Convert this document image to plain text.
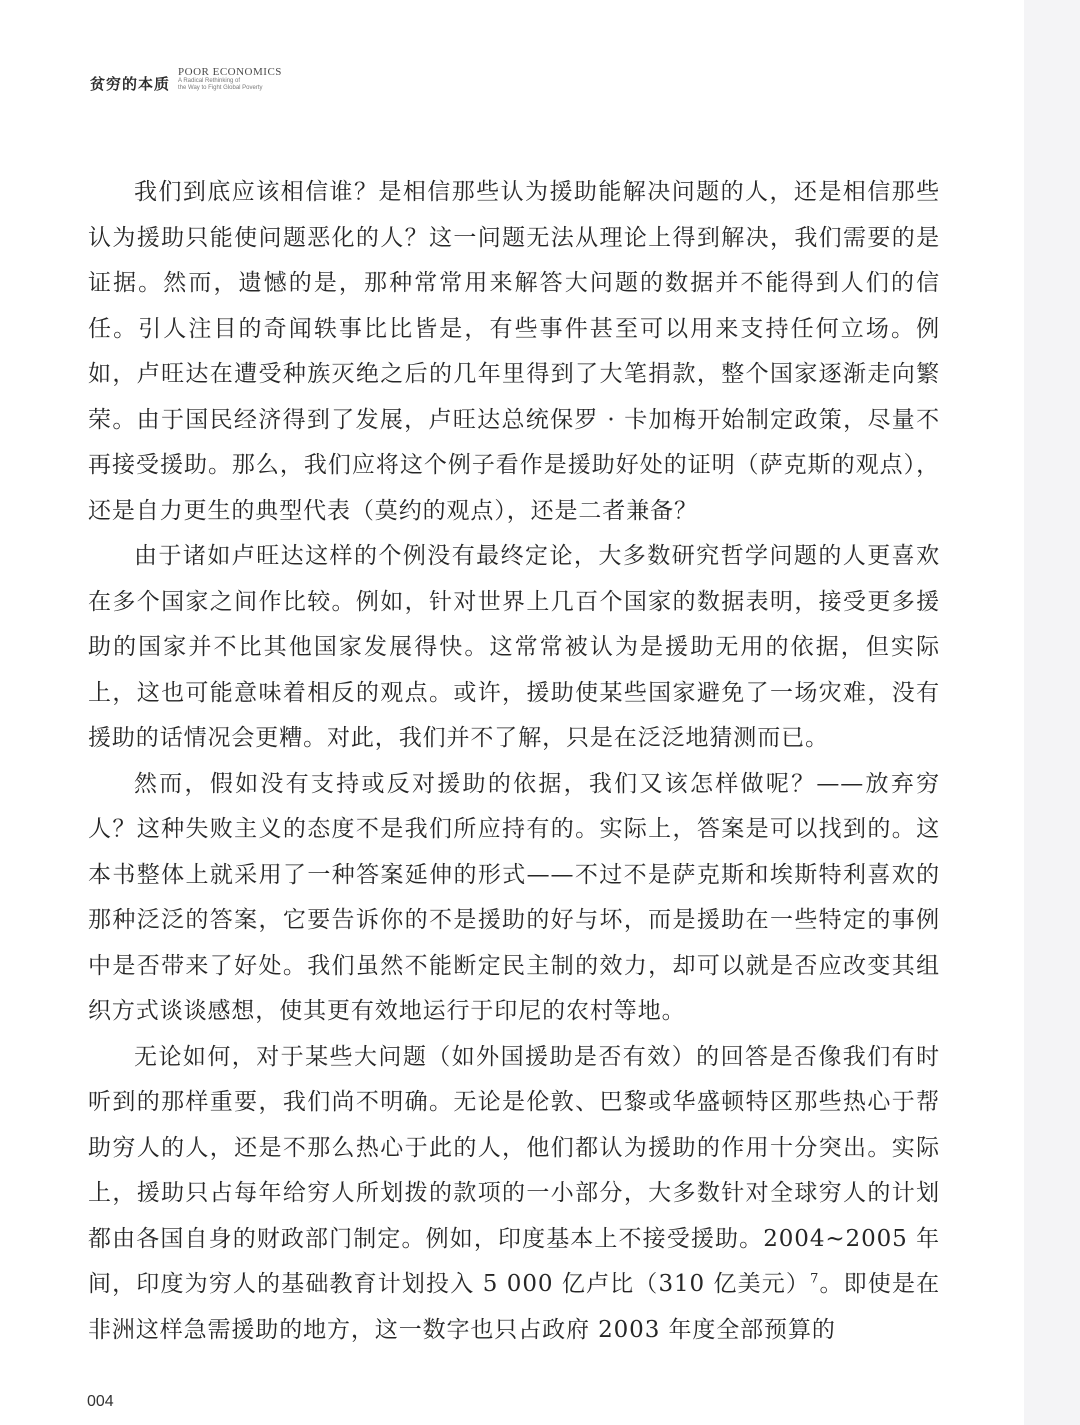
贫穷的本质
POOR ECONOMICS
A Radical Rethinking of
the Way to Fight Global Poverty

我们到底应该相信谁？是相信那些认为援助能解决问题的人，还是相信那些认为援助只能使问题恶化的人？这一问题无法从理论上得到解决，我们需要的是证据。然而，遗憾的是，那种常常用来解答大问题的数据并不能得到人们的信任。引人注目的奇闻轶事比比皆是，有些事件甚至可以用来支持任何立场。例如，卢旺达在遭受种族灭绝之后的几年里得到了大笔捐款，整个国家逐渐走向繁荣。由于国民经济得到了发展，卢旺达总统保罗 · 卡加梅开始制定政策，尽量不再接受援助。那么，我们应将这个例子看作是援助好处的证明（萨克斯的观点），还是自力更生的典型代表（莫约的观点），还是二者兼备？

由于诸如卢旺达这样的个例没有最终定论，大多数研究哲学问题的人更喜欢在多个国家之间作比较。例如，针对世界上几百个国家的数据表明，接受更多援助的国家并不比其他国家发展得快。这常常被认为是援助无用的依据，但实际上，这也可能意味着相反的观点。或许，援助使某些国家避免了一场灾难，没有援助的话情况会更糟。对此，我们并不了解，只是在泛泛地猜测而已。

然而，假如没有支持或反对援助的依据，我们又该怎样做呢？——放弃穷人？这种失败主义的态度不是我们所应持有的。实际上，答案是可以找到的。这本书整体上就采用了一种答案延伸的形式——不过不是萨克斯和埃斯特利喜欢的那种泛泛的答案，它要告诉你的不是援助的好与坏，而是援助在一些特定的事例中是否带来了好处。我们虽然不能断定民主制的效力，却可以就是否应改变其组织方式谈谈感想，使其更有效地运行于印尼的农村等地。

无论如何，对于某些大问题（如外国援助是否有效）的回答是否像我们有时听到的那样重要，我们尚不明确。无论是伦敦、巴黎或华盛顿特区那些热心于帮助穷人的人，还是不那么热心于此的人，他们都认为援助的作用十分突出。实际上，援助只占每年给穷人所划拨的款项的一小部分，大多数针对全球穷人的计划都由各国自身的财政部门制定。例如，印度基本上不接受援助。2004~2005 年间，印度为穷人的基础教育计划投入 5 000 亿卢比（310 亿美元）$^7$。即使是在非洲这样急需援助的地方，这一数字也只占政府 2003 年度全部预算的

004
